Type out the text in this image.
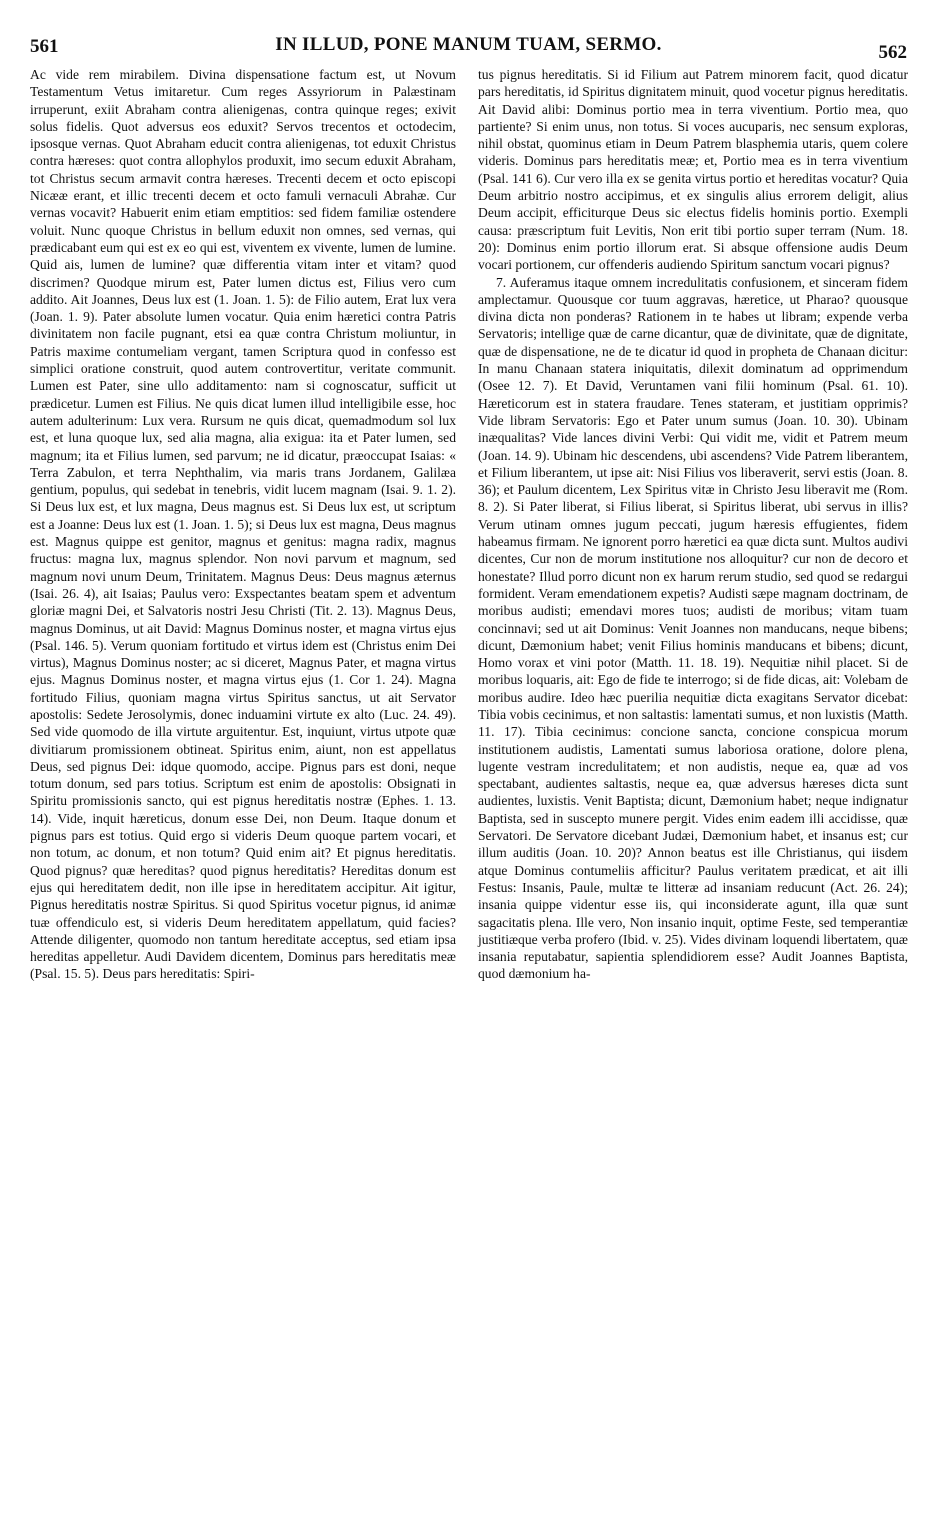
561	IN ILLUD, PONE MANUM TUAM, SERMO.	562

Ac vide rem mirabilem. Divina dispensatione factum est, ut Novum Testamentum Vetus imitaretur. Cum reges Assyriorum in Palæstinam irruperunt, exiit Abraham contra alienigenas, contra quinque reges; exivit solus fidelis. Quot adversus eos eduxit? Servos trecentos et octodecim, ipsosque vernas. Quot Abraham educit contra alienigenas, tot eduxit Christus contra hæreses: quot contra allophylos produxit, imo secum eduxit Abraham, tot Christus secum armavit contra hæreses. Trecenti decem et octo episcopi Nicææ erant, et illic trecenti decem et octo famuli vernaculi Abrahæ. Cur vernas vocavit? Habuerit enim etiam emptitios: sed fidem familiæ ostendere voluit. Nunc quoque Christus in bellum eduxit non omnes, sed vernas, qui prædicabant eum qui est ex eo qui est, viventem ex vivente, lumen de lumine. Quid ais, lumen de lumine? quæ differentia vitam inter et vitam? quod discrimen? Quodque mirum est, Pater lumen dictus est, Filius vero cum addito. Ait Joannes, Deus lux est (1. Joan. 1. 5): de Filio autem, Erat lux vera (Joan. 1. 9). Pater absolute lumen vocatur. Quia enim hæretici contra Patris divinitatem non facile pugnant, etsi ea quæ contra Christum moliuntur, in Patris maxime contumeliam vergant, tamen Scriptura quod in confesso est simplici oratione construit, quod autem controvertitur, veritate communit. Lumen est Pater, sine ullo additamento: nam si cognoscatur, sufficit ut prædicetur. Lumen est Filius. Ne quis dicat lumen illud intelligibile esse, hoc autem adulterinum: Lux vera. Rursum ne quis dicat, quemadmodum sol lux est, et luna quoque lux, sed alia magna, alia exigua: ita et Pater lumen, sed magnum; ita et Filius lumen, sed parvum; ne id dicatur, præoccupat Isaias: « Terra Zabulon, et terra Nephthalim, via maris trans Jordanem, Galilæa gentium, populus, qui sedebat in tenebris, vidit lucem magnam (Isai. 9. 1. 2). Si Deus lux est, et lux magna, Deus magnus est. Si Deus lux est, ut scriptum est a Joanne: Deus lux est (1. Joan. 1. 5); si Deus lux est magna, Deus magnus est. Magnus quippe est genitor, magnus et genitus: magna radix, magnus fructus: magna lux, magnus splendor. Non novi parvum et magnum, sed magnum novi unum Deum, Trinitatem. Magnus Deus: Deus magnus æternus (Isai. 26. 4), ait Isaias; Paulus vero: Exspectantes beatam spem et adventum gloriæ magni Dei, et Salvatoris nostri Jesu Christi (Tit. 2. 13). Magnus Deus, magnus Dominus, ut ait David: Magnus Dominus noster, et magna virtus ejus (Psal. 146. 5). Verum quoniam fortitudo et virtus idem est (Christus enim Dei virtus), Magnus Dominus noster; ac si diceret, Magnus Pater, et magna virtus ejus. Magnus Dominus noster, et magna virtus ejus (1. Cor 1. 24). Magna fortitudo Filius, quoniam magna virtus Spiritus sanctus, ut ait Servator apostolis: Sedete Jerosolymis, donec induamini virtute ex alto (Luc. 24. 49). Sed vide quomodo de illa virtute arguitentur. Est, inquiunt, virtus utpote quæ divitiarum promissionem obtineat. Spiritus enim, aiunt, non est appellatus Deus, sed pignus Dei: idque quomodo, accipe. Pignus pars est doni, neque totum donum, sed pars totius. Scriptum est enim de apostolis: Obsignati in Spiritu promissionis sancto, qui est pignus hereditatis nostræ (Ephes. 1. 13. 14). Vide, inquit hæreticus, donum esse Dei, non Deum. Itaque donum et pignus pars est totius. Quid ergo si videris Deum quoque partem vocari, et non totum, ac donum, et non totum? Quid enim ait? Et pignus hereditatis. Quod pignus? quæ hereditas? quod pignus hereditatis? Hereditas donum est ejus qui hereditatem dedit, non ille ipse in hereditatem accipitur. Ait igitur, Pignus hereditatis nostræ Spiritus. Si quod Spiritus vocetur pignus, id animæ tuæ offendiculo est, si videris Deum hereditatem appellatum, quid facies? Attende diligenter, quomodo non tantum hereditate acceptus, sed etiam ipsa hereditas appelletur. Audi Davidem dicentem, Dominus pars hereditatis meæ (Psal. 15. 5). Deus pars hereditatis: Spiri-

tus pignus hereditatis. Si id Filium aut Patrem minorem facit, quod dicatur pars hereditatis, id Spiritus dignitatem minuit, quod vocetur pignus hereditatis. Ait David alibi: Dominus portio mea in terra viventium. Portio mea, quo partiente? Si enim unus, non totus. Si voces aucuparis, nec sensum exploras, nihil obstat, quominus etiam in Deum Patrem blasphemia utaris, quem colere videris. Dominus pars hereditatis meæ; et, Portio mea es in terra viventium (Psal. 141 6). Cur vero illa ex se genita virtus portio et hereditas vocatur? Quia Deum arbitrio nostro accipimus, et ex singulis alius errorem deligit, alius Deum accipit, efficiturque Deus sic electus fidelis hominis portio. Exempli causa: præscriptum fuit Levitis, Non erit tibi portio super terram (Num. 18. 20): Dominus enim portio illorum erat. Si absque offensione audis Deum vocari portionem, cur offenderis audiendo Spiritum sanctum vocari pignus?

7. Auferamus itaque omnem incredulitatis confusionem, et sinceram fidem amplectamur. Quousque cor tuum aggravas, hæretice, ut Pharao? quousque divina dicta non ponderas? Rationem in te habes ut libram; expende verba Servatoris; intellige quæ de carne dicantur, quæ de divinitate, quæ de dignitate, quæ de dispensatione, ne de te dicatur id quod in propheta de Chanaan dicitur: In manu Chanaan statera iniquitatis, dilexit dominatum ad opprimendum (Osee 12. 7). Et David, Veruntamen vani filii hominum (Psal. 61. 10). Hæreticorum est in statera fraudare. Tenes stateram, et justitiam opprimis? Vide libram Servatoris: Ego et Pater unum sumus (Joan. 10. 30). Ubinam inæqualitas? Vide lances divini Verbi: Qui vidit me, vidit et Patrem meum (Joan. 14. 9). Ubinam hic descendens, ubi ascendens? Vide Patrem liberantem, et Filium liberantem, ut ipse ait: Nisi Filius vos liberaverit, servi estis (Joan. 8. 36); et Paulum dicentem, Lex Spiritus vitæ in Christo Jesu liberavit me (Rom. 8. 2). Si Pater liberat, si Filius liberat, si Spiritus liberat, ubi servus in illis? Verum utinam omnes jugum peccati, jugum hæresis effugientes, fidem habeamus firmam. Ne ignorent porro hæretici ea quæ dicta sunt. Multos audivi dicentes, Cur non de morum institutione nos alloquitur? cur non de decoro et honestate? Illud porro dicunt non ex harum rerum studio, sed quod se redargui formident. Veram emendationem expetis? Audisti sæpe magnam doctrinam, de moribus audisti; emendavi mores tuos; audisti de moribus; vitam tuam concinnavi; sed ut ait Dominus: Venit Joannes non manducans, neque bibens; dicunt, Dæmonium habet; venit Filius hominis manducans et bibens; dicunt, Homo vorax et vini potor (Matth. 11. 18. 19). Nequitiæ nihil placet. Si de moribus loquaris, ait: Ego de fide te interrogo; si de fide dicas, ait: Volebam de moribus audire. Ideo hæc puerilia nequitiæ dicta exagitans Servator dicebat: Tibia vobis cecinimus, et non saltastis: lamentati sumus, et non luxistis (Matth. 11. 17). Tibia cecinimus: concione sancta, concione conspicua morum institutionem audistis, Lamentati sumus laboriosa oratione, dolore plena, lugente vestram incredulitatem; et non audistis, neque ea, quæ ad vos spectabant, audientes saltastis, neque ea, quæ adversus hæreses dicta sunt audientes, luxistis. Venit Baptista; dicunt, Dæmonium habet; neque indignatur Baptista, sed in suscepto munere pergit. Vides enim eadem illi accidisse, quæ Servatori. De Servatore dicebant Judæi, Dæmonium habet, et insanus est; cur illum auditis (Joan. 10. 20)? Annon beatus est ille Christianus, qui iisdem atque Dominus contumeliis afficitur? Paulus veritatem prædicat, et ait illi Festus: Insanis, Paule, multæ te litteræ ad insaniam reducunt (Act. 26. 24); insania quippe videntur esse iis, qui inconsiderate agunt, illa quæ sunt sagacitatis plena. Ille vero, Non insanio inquit, optime Feste, sed temperantiæ justitiæque verba profero (Ibid. v. 25). Vides divinam loquendi libertatem, quæ insania reputabatur, sapientia splendidiorem esse? Audit Joannes Baptista, quod dæmonium ha-
